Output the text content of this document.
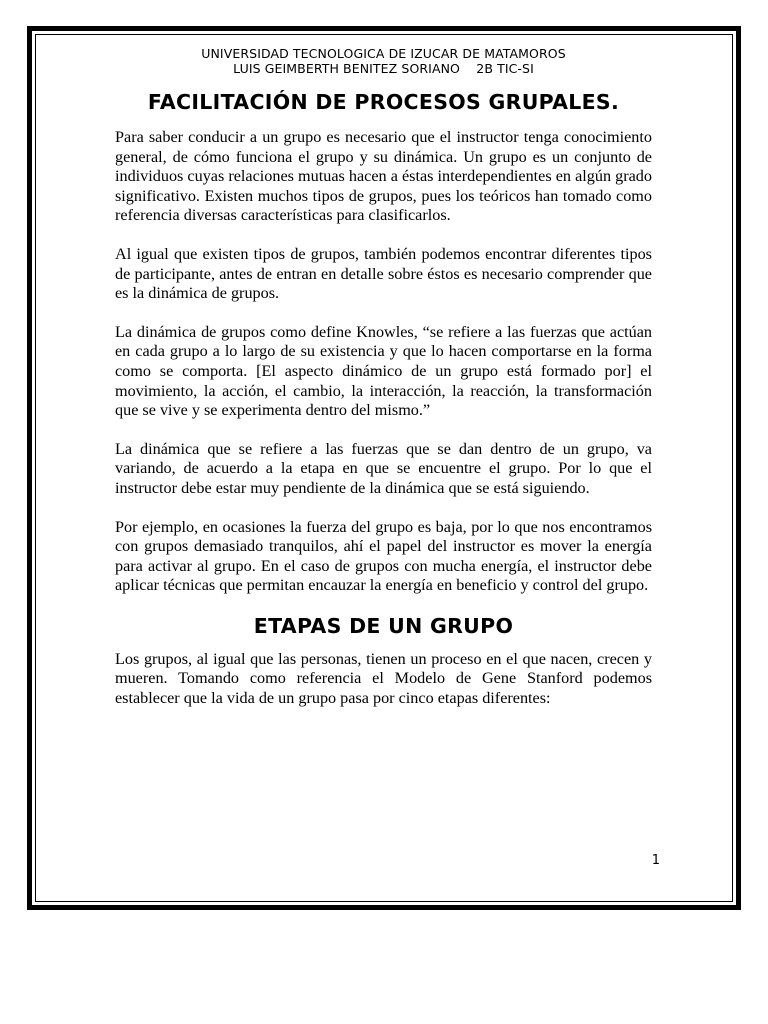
UNIVERSIDAD TECNOLOGICA DE IZUCAR DE MATAMOROS
LUIS GEIMBERTH BENITEZ SORIANO    2B TIC-SI
FACILITACIÓN DE PROCESOS GRUPALES.

Para saber conducir a un grupo es necesario que el instructor tenga conocimiento general, de cómo funciona el grupo y su dinámica. Un grupo es un conjunto de individuos cuyas relaciones mutuas hacen a éstas interdependientes en algún grado significativo. Existen muchos tipos de grupos, pues los teóricos han tomado como referencia diversas características para clasificarlos.

Al igual que existen tipos de grupos, también podemos encontrar diferentes tipos de participante, antes de entran en detalle sobre éstos es necesario comprender que es la dinámica de grupos.

La dinámica de grupos como define Knowles, “se refiere a las fuerzas que actúan en cada grupo a lo largo de su existencia y que lo hacen comportarse en la forma como se comporta. [El aspecto dinámico de un grupo está formado por] el movimiento, la acción, el cambio, la interacción, la reacción, la transformación que se vive y se experimenta dentro del mismo.”

La dinámica que se refiere a las fuerzas que se dan dentro de un grupo, va variando, de acuerdo a la etapa en que se encuentre el grupo. Por lo que el instructor debe estar muy pendiente de la dinámica que se está siguiendo.

Por ejemplo, en ocasiones la fuerza del grupo es baja, por lo que nos encontramos con grupos demasiado tranquilos, ahí el papel del instructor es mover la energía para activar al grupo. En el caso de grupos con mucha energía, el instructor debe aplicar técnicas que permitan encauzar la energía en beneficio y control del grupo.

ETAPAS DE UN GRUPO

Los grupos, al igual que las personas, tienen un proceso en el que nacen, crecen y mueren. Tomando como referencia el Modelo de Gene Stanford podemos establecer que la vida de un grupo pasa por cinco etapas diferentes:

1
